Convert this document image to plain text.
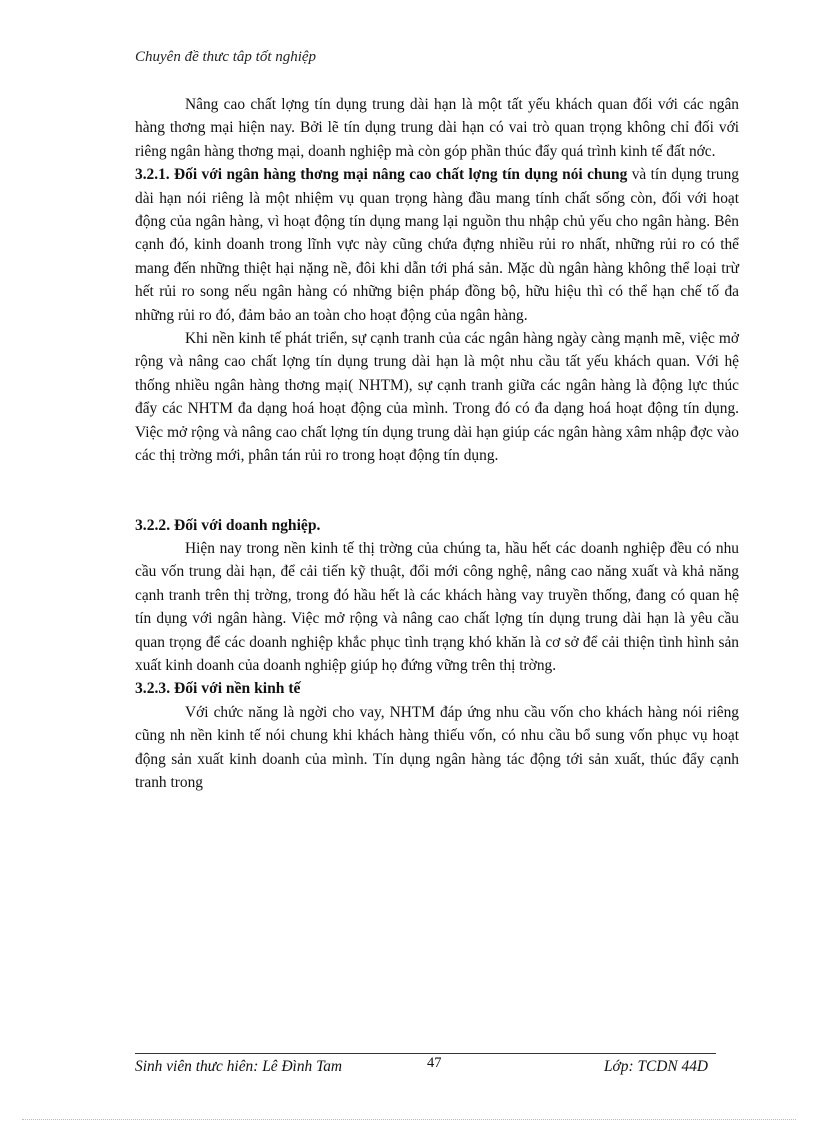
Chuyên đề thưc tâp tốt nghiệp

Nâng cao chất lợng tín dụng trung dài hạn là một tất yếu khách quan đối với các ngân hàng thơng mại hiện nay. Bởi lẽ tín dụng trung dài hạn có vai trò quan trọng không chỉ đối với riêng ngân hàng thơng mại, doanh nghiệp mà còn góp phần thúc đẩy quá trình kinh tế đất nớc.

3.2.1. Đối với ngân hàng thơng mại nâng cao chất lợng tín dụng nói chung và tín dụng trung dài hạn nói riêng là một nhiệm vụ quan trọng hàng đầu mang tính chất sống còn, đối với hoạt động của ngân hàng, vì hoạt động tín dụng mang lại nguồn thu nhập chủ yếu cho ngân hàng. Bên cạnh đó, kinh doanh trong lĩnh vực này cũng chứa đựng nhiều rủi ro nhất, những rủi ro có thể mang đến những thiệt hại nặng nề, đôi khi dẫn tới phá sản. Mặc dù ngân hàng không thể loại trừ hết rủi ro song nếu ngân hàng có những biện pháp đồng bộ, hữu hiệu thì có thể hạn chế tố đa những rủi ro đó, đảm bảo an toàn cho hoạt động của ngân hàng.

Khi nền kinh tế phát triển, sự cạnh tranh của các ngân hàng ngày càng mạnh mẽ, việc mở rộng và nâng cao chất lợng tín dụng trung dài hạn là một nhu cầu tất yếu khách quan. Với hệ thống nhiều ngân hàng thơng mại( NHTM), sự cạnh tranh giữa các ngân hàng là động lực thúc đẩy các NHTM đa dạng hoá hoạt động của mình. Trong đó có đa dạng hoá hoạt động tín dụng. Việc mở rộng và nâng cao chất lợng tín dụng trung dài hạn giúp các ngân hàng xâm nhập đợc vào các thị trờng mới, phân tán rủi ro trong hoạt động tín dụng.

3.2.2. Đối với doanh nghiệp.

Hiện nay trong nền kinh tế thị trờng của chúng ta, hầu hết các doanh nghiệp đều có nhu cầu vốn trung dài hạn, để cải tiến kỹ thuật, đổi mới công nghệ, nâng cao năng xuất và khả năng cạnh tranh trên thị trờng, trong đó hầu hết là các khách hàng vay truyền thống, đang có quan hệ tín dụng với ngân hàng. Việc mở rộng và nâng cao chất lợng tín dụng trung dài hạn là yêu cầu quan trọng để các doanh nghiệp khắc phục tình trạng khó khăn là cơ sở để cải thiện tình hình sản xuất kinh doanh của doanh nghiệp giúp họ đứng vững trên thị trờng.

3.2.3. Đối với nền kinh tế

Với chức năng là ngời cho vay, NHTM đáp ứng nhu cầu vốn cho khách hàng nói riêng cũng nh nền kinh tế nói chung khi khách hàng thiếu vốn, có nhu cầu bổ sung vốn phục vụ hoạt động sản xuất kinh doanh của mình. Tín dụng ngân hàng tác động tới sản xuất, thúc đẩy cạnh tranh trong

Sinh viên thưc hiên: Lê Đình Tam	47	Lớp: TCDN 44D
